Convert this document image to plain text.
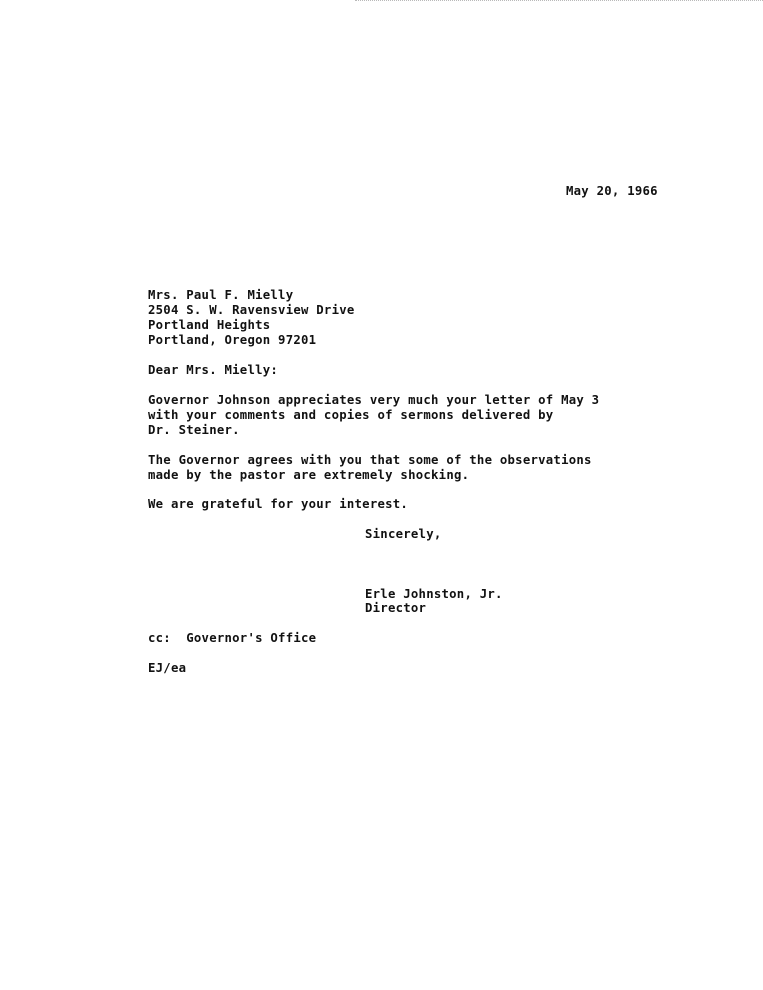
May 20, 1966
Mrs. Paul F. Mielly
2504 S. W. Ravensview Drive
Portland Heights
Portland, Oregon 97201
Dear Mrs. Mielly:
Governor Johnson appreciates very much your letter of May 3
with your comments and copies of sermons delivered by
Dr. Steiner.
The Governor agrees with you that some of the observations
made by the pastor are extremely shocking.
We are grateful for your interest.
Sincerely,
Erle Johnston, Jr.
Director
cc:  Governor's Office
EJ/ea
